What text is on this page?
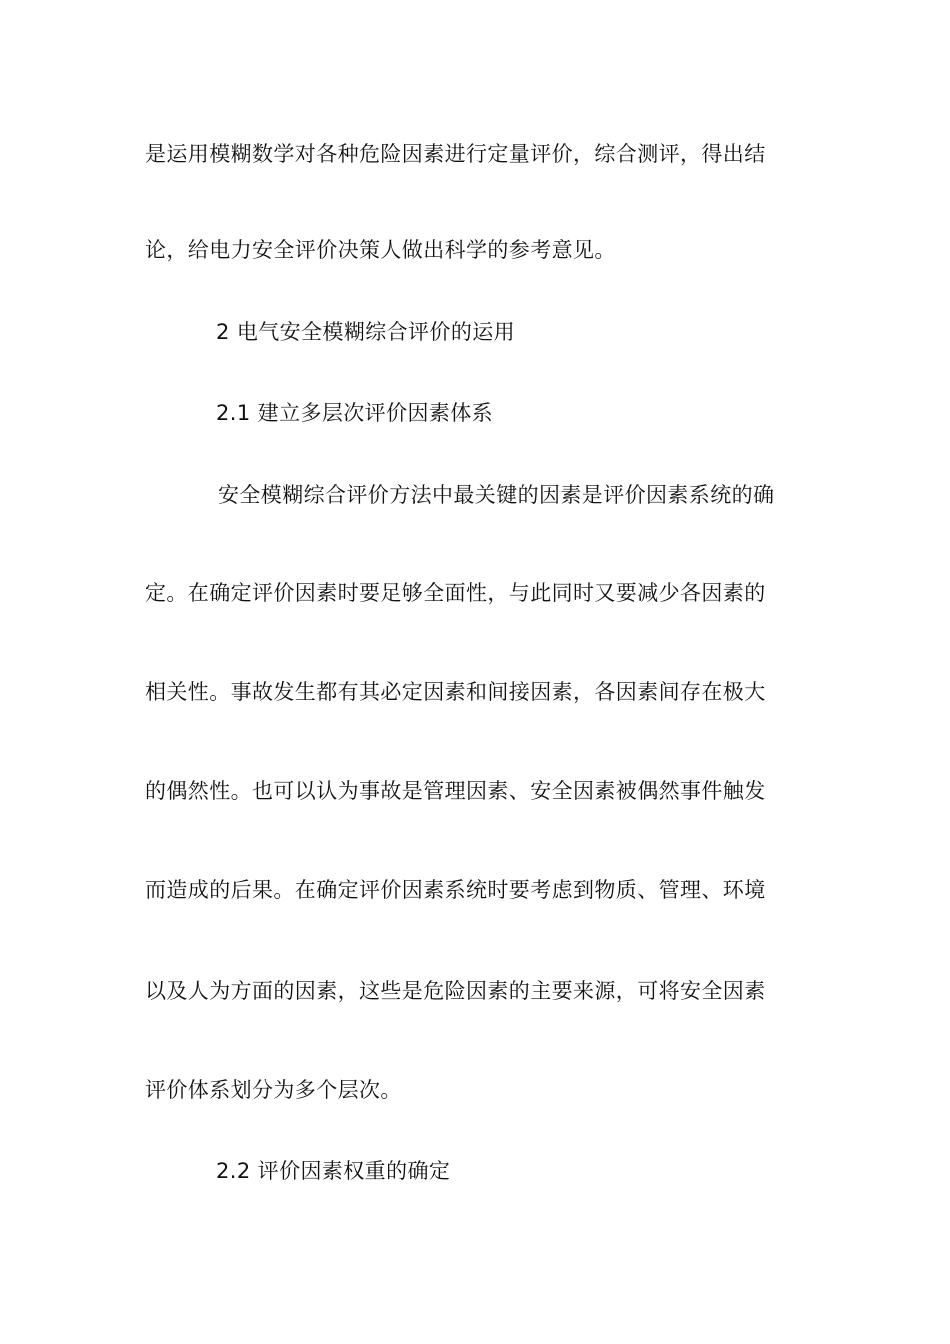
是运用模糊数学对各种危险因素进行定量评价，综合测评，得出结
论，给电力安全评价决策人做出科学的参考意见。
2 电气安全模糊综合评价的运用
2.1 建立多层次评价因素体系
安全模糊综合评价方法中最关键的因素是评价因素系统的确
定。在确定评价因素时要足够全面性，与此同时又要减少各因素的
相关性。事故发生都有其必定因素和间接因素，各因素间存在极大
的偶然性。也可以认为事故是管理因素、安全因素被偶然事件触发
而造成的后果。在确定评价因素系统时要考虑到物质、管理、环境
以及人为方面的因素，这些是危险因素的主要来源，可将安全因素
评价体系划分为多个层次。
2.2 评价因素权重的确定
